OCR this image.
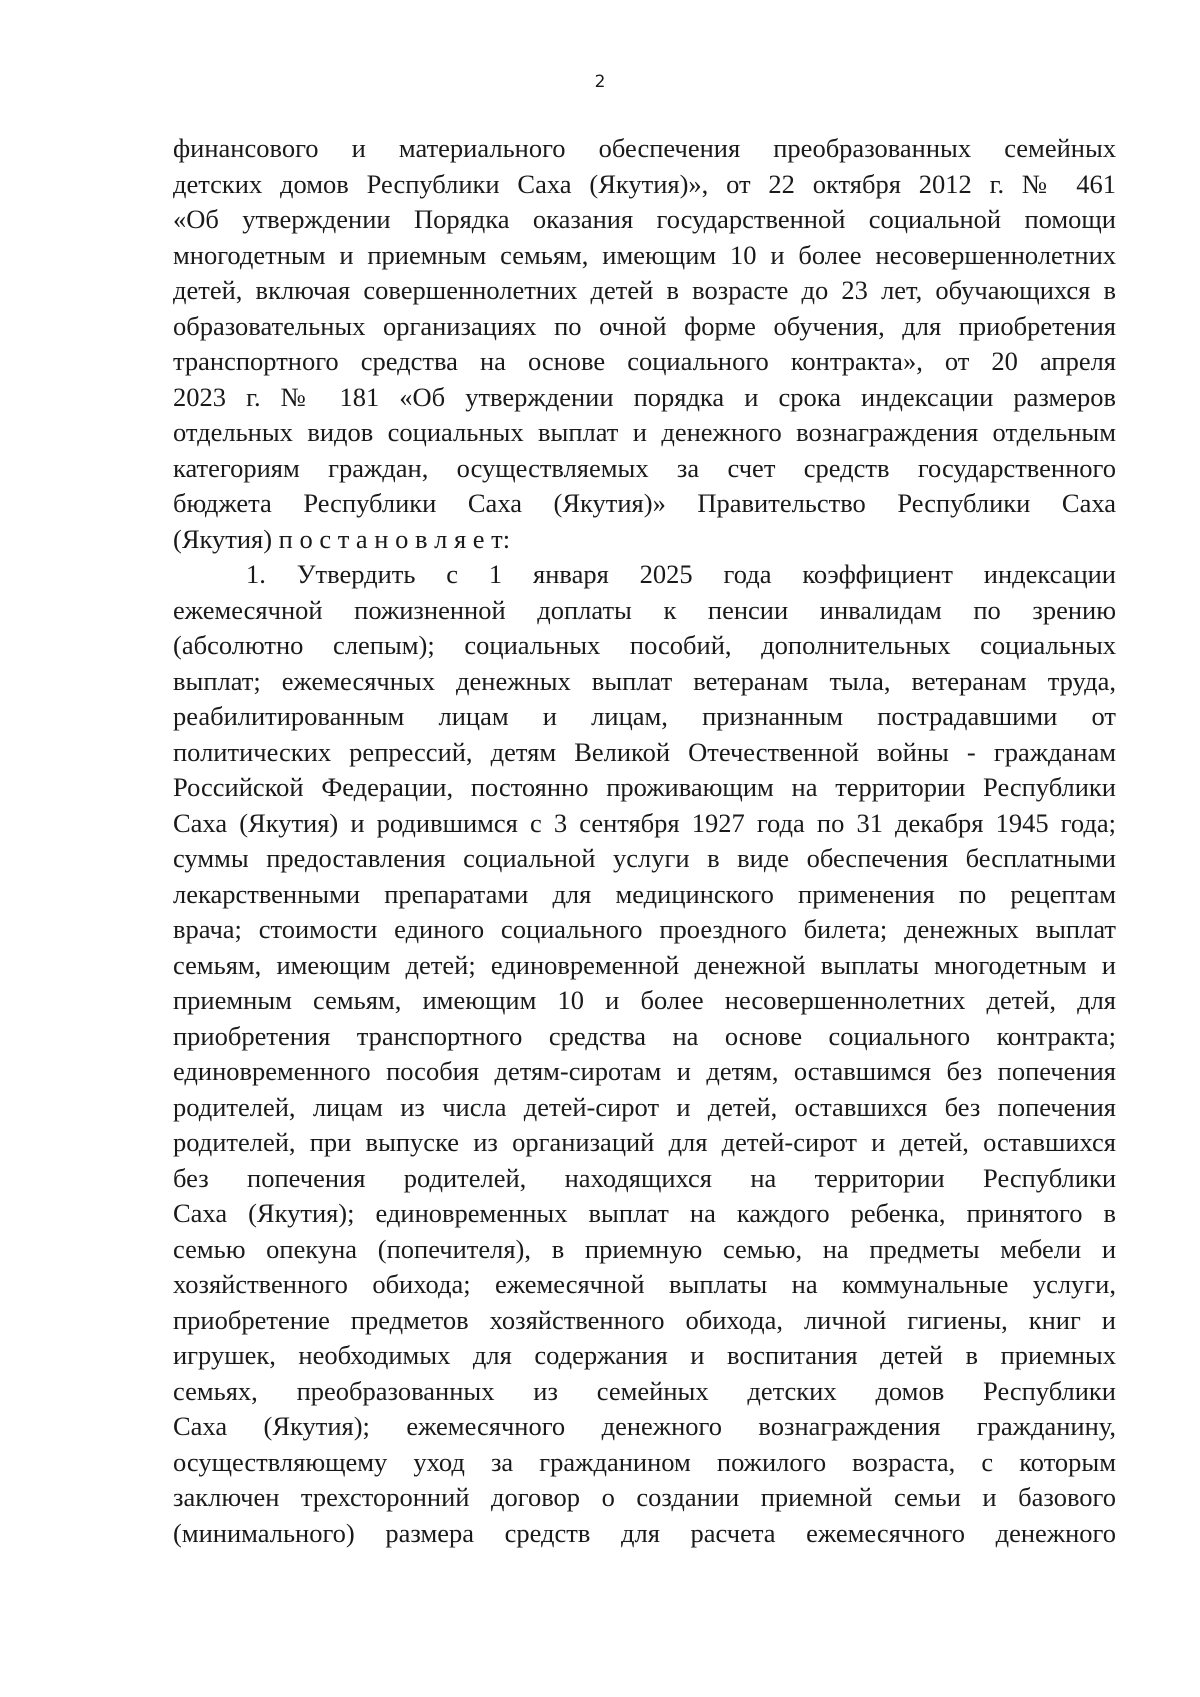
2
финансового и материального обеспечения преобразованных семейных
детских домов Республики Саха (Якутия)», от 22 октября 2012 г. № 461
«Об утверждении Порядка оказания государственной социальной помощи
многодетным и приемным семьям, имеющим 10 и более несовершеннолетних
детей, включая совершеннолетних детей в возрасте до 23 лет, обучающихся в
образовательных организациях по очной форме обучения, для приобретения
транспортного средства на основе социального контракта», от 20 апреля
2023 г. № 181 «Об утверждении порядка и срока индексации размеров
отдельных видов социальных выплат и денежного вознаграждения отдельным
категориям граждан, осуществляемых за счет средств государственного
бюджета Республики Саха (Якутия)» Правительство Республики Саха
(Якутия) п о с т а н о в л я е т:
1. Утвердить с 1 января 2025 года коэффициент индексации
ежемесячной пожизненной доплаты к пенсии инвалидам по зрению
(абсолютно слепым); социальных пособий, дополнительных социальных
выплат; ежемесячных денежных выплат ветеранам тыла, ветеранам труда,
реабилитированным лицам и лицам, признанным пострадавшими от
политических репрессий, детям Великой Отечественной войны - гражданам
Российской Федерации, постоянно проживающим на территории Республики
Саха (Якутия) и родившимся с 3 сентября 1927 года по 31 декабря 1945 года;
суммы предоставления социальной услуги в виде обеспечения бесплатными
лекарственными препаратами для медицинского применения по рецептам
врача; стоимости единого социального проездного билета; денежных выплат
семьям, имеющим детей; единовременной денежной выплаты многодетным и
приемным семьям, имеющим 10 и более несовершеннолетних детей, для
приобретения транспортного средства на основе социального контракта;
единовременного пособия детям-сиротам и детям, оставшимся без попечения
родителей, лицам из числа детей-сирот и детей, оставшихся без попечения
родителей, при выпуске из организаций для детей-сирот и детей, оставшихся
без попечения родителей, находящихся на территории Республики
Саха (Якутия); единовременных выплат на каждого ребенка, принятого в
семью опекуна (попечителя), в приемную семью, на предметы мебели и
хозяйственного обихода; ежемесячной выплаты на коммунальные услуги,
приобретение предметов хозяйственного обихода, личной гигиены, книг и
игрушек, необходимых для содержания и воспитания детей в приемных
семьях, преобразованных из семейных детских домов Республики
Саха (Якутия); ежемесячного денежного вознаграждения гражданину,
осуществляющему уход за гражданином пожилого возраста, с которым
заключен трехсторонний договор о создании приемной семьи и базового
(минимального) размера средств для расчета ежемесячного денежного
